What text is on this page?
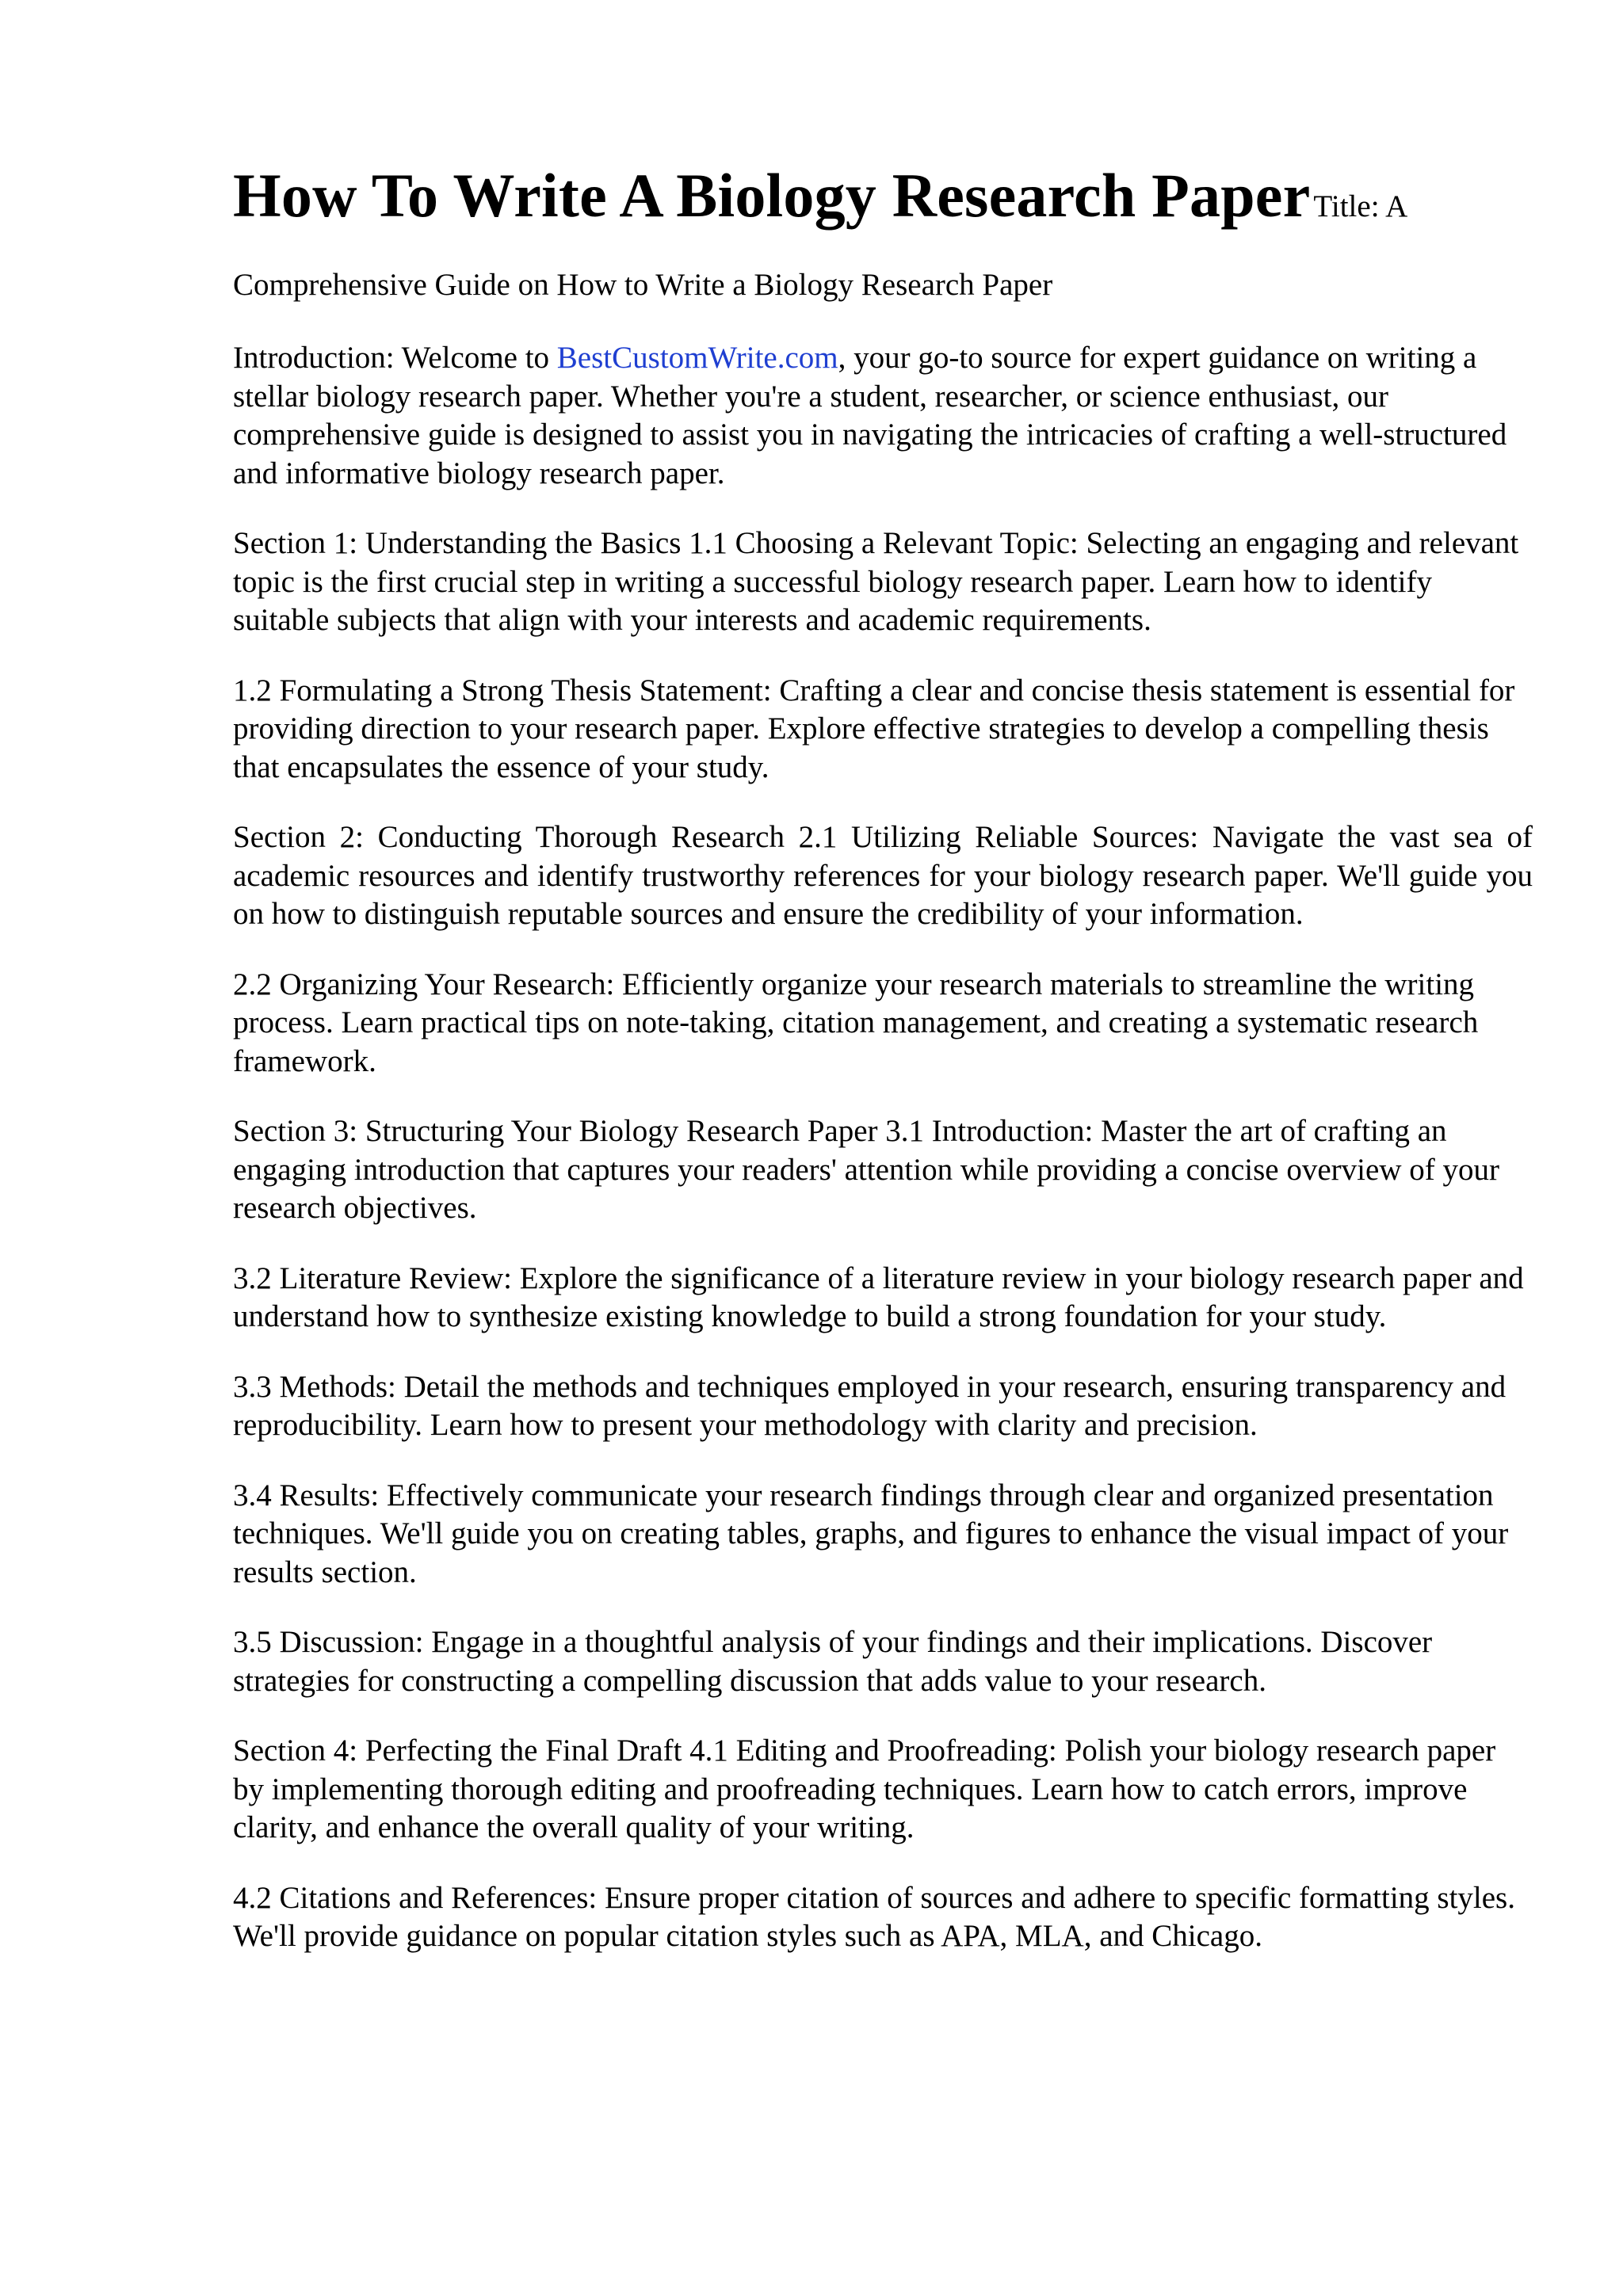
How To Write A Biology Research Paper Title: A

Comprehensive Guide on How to Write a Biology Research Paper

Introduction: Welcome to BestCustomWrite.com, your go-to source for expert guidance on writing a stellar biology research paper. Whether you're a student, researcher, or science enthusiast, our comprehensive guide is designed to assist you in navigating the intricacies of crafting a well-structured and informative biology research paper.

Section 1: Understanding the Basics 1.1 Choosing a Relevant Topic: Selecting an engaging and relevant topic is the first crucial step in writing a successful biology research paper. Learn how to identify suitable subjects that align with your interests and academic requirements.

1.2 Formulating a Strong Thesis Statement: Crafting a clear and concise thesis statement is essential for providing direction to your research paper. Explore effective strategies to develop a compelling thesis that encapsulates the essence of your study.

Section 2: Conducting Thorough Research 2.1 Utilizing Reliable Sources: Navigate the vast sea of academic resources and identify trustworthy references for your biology research paper. We'll guide you on how to distinguish reputable sources and ensure the credibility of your information.

2.2 Organizing Your Research: Efficiently organize your research materials to streamline the writing process. Learn practical tips on note-taking, citation management, and creating a systematic research framework.

Section 3: Structuring Your Biology Research Paper 3.1 Introduction: Master the art of crafting an engaging introduction that captures your readers' attention while providing a concise overview of your research objectives.

3.2 Literature Review: Explore the significance of a literature review in your biology research paper and understand how to synthesize existing knowledge to build a strong foundation for your study.

3.3 Methods: Detail the methods and techniques employed in your research, ensuring transparency and reproducibility. Learn how to present your methodology with clarity and precision.

3.4 Results: Effectively communicate your research findings through clear and organized presentation techniques. We'll guide you on creating tables, graphs, and figures to enhance the visual impact of your results section.

3.5 Discussion: Engage in a thoughtful analysis of your findings and their implications. Discover strategies for constructing a compelling discussion that adds value to your research.

Section 4: Perfecting the Final Draft 4.1 Editing and Proofreading: Polish your biology research paper by implementing thorough editing and proofreading techniques. Learn how to catch errors, improve clarity, and enhance the overall quality of your writing.

4.2 Citations and References: Ensure proper citation of sources and adhere to specific formatting styles. We'll provide guidance on popular citation styles such as APA, MLA, and Chicago.
